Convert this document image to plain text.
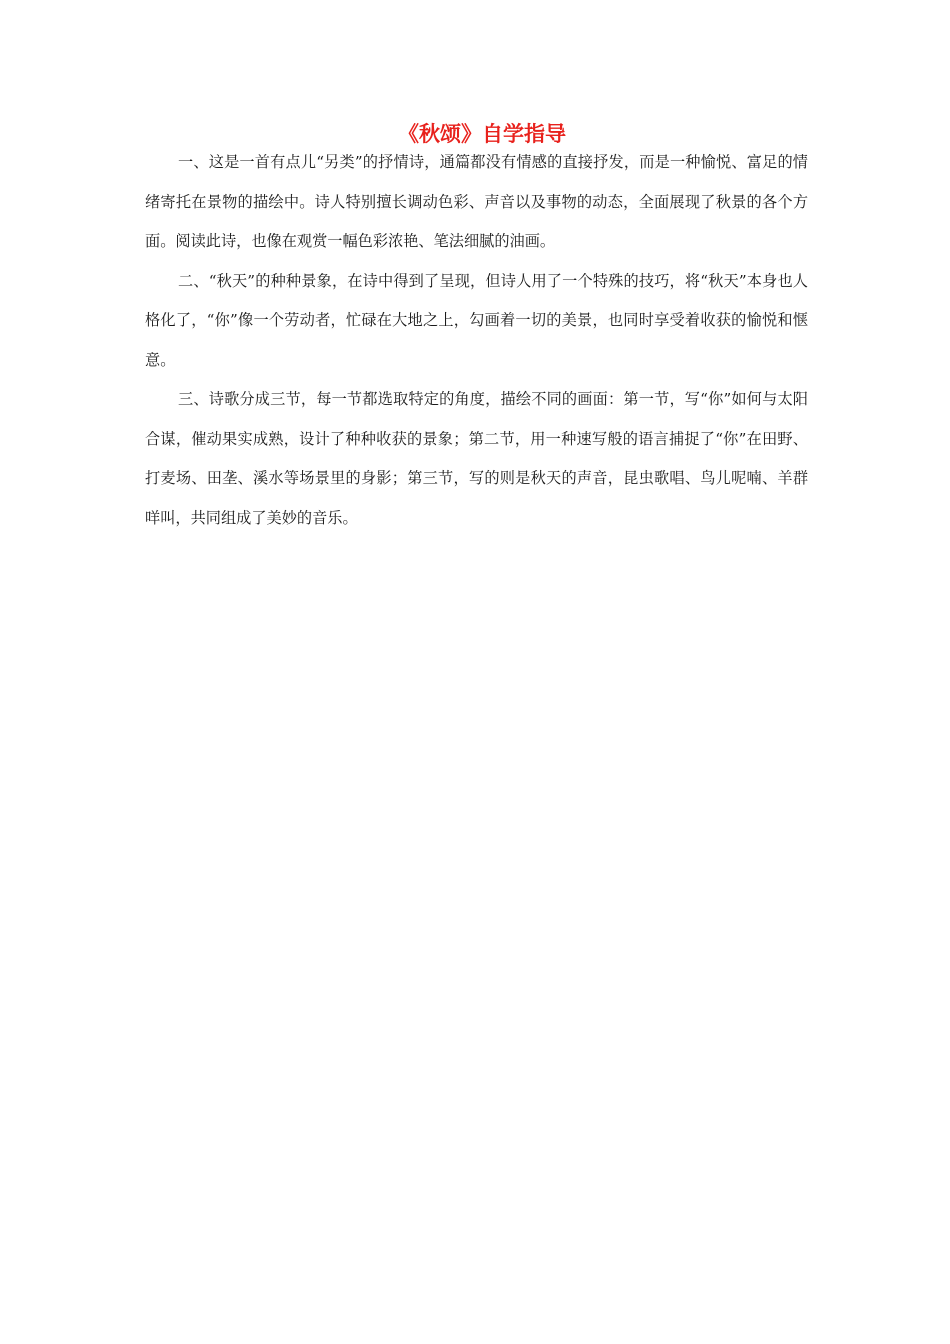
《秋颂》自学指导

一、这是一首有点儿“另类”的抒情诗，通篇都没有情感的直接抒发，而是一种愉悦、富足的情绪寄托在景物的描绘中。诗人特别擅长调动色彩、声音以及事物的动态，全面展现了秋景的各个方面。阅读此诗，也像在观赏一幅色彩浓艳、笔法细腻的油画。

二、“秋天”的种种景象，在诗中得到了呈现，但诗人用了一个特殊的技巧，将“秋天”本身也人格化了，“你”像一个劳动者，忙碌在大地之上，勾画着一切的美景，也同时享受着收获的愉悦和惬意。

三、诗歌分成三节，每一节都选取特定的角度，描绘不同的画面：第一节，写“你”如何与太阳合谋，催动果实成熟，设计了种种收获的景象；第二节，用一种速写般的语言捕捉了“你”在田野、打麦场、田垄、溪水等场景里的身影；第三节，写的则是秋天的声音，昆虫歌唱、鸟儿呢喃、羊群咩叫，共同组成了美妙的音乐。
